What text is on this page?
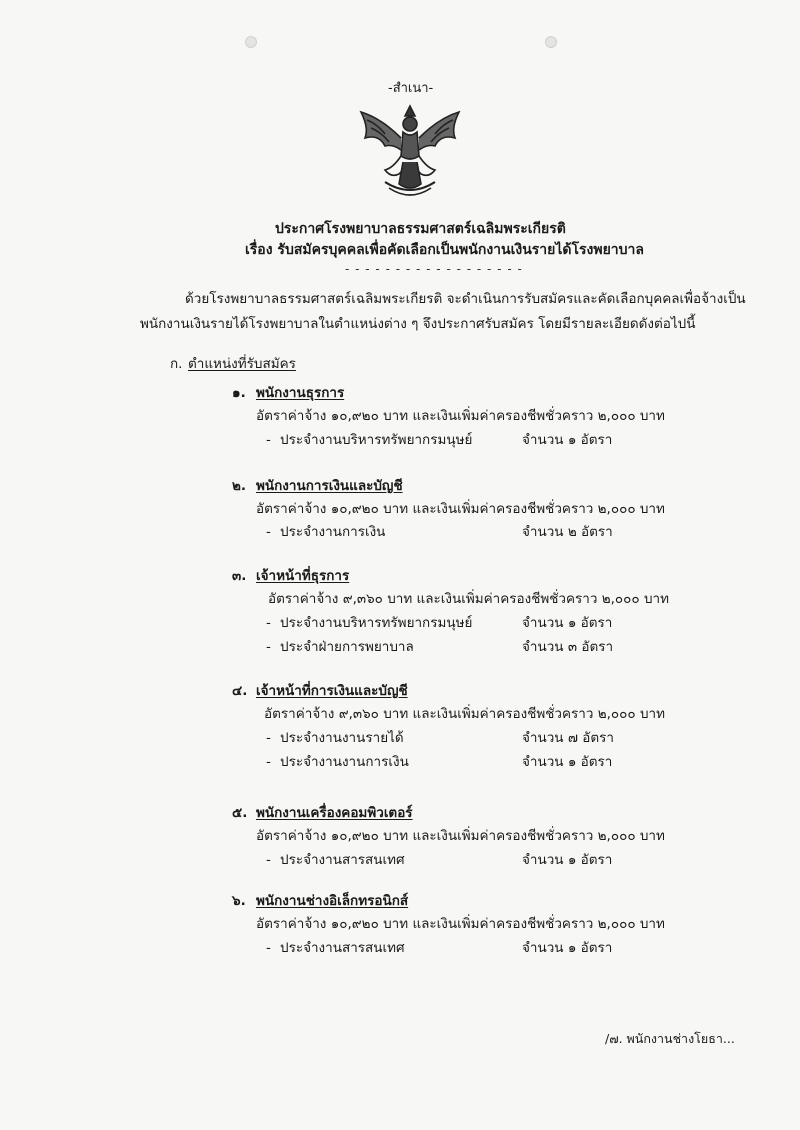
-สำเนา-
ประกาศโรงพยาบาลธรรมศาสตร์เฉลิมพระเกียรติ
เรื่อง รับสมัครบุคคลเพื่อคัดเลือกเป็นพนักงานเงินรายได้โรงพยาบาล
- - - - - - - - - - - - - - - - - -
ด้วยโรงพยาบาลธรรมศาสตร์เฉลิมพระเกียรติ จะดำเนินการรับสมัครและคัดเลือกบุคคลเพื่อจ้างเป็น
พนักงานเงินรายได้โรงพยาบาลในตำแหน่งต่าง ๆ จึงประกาศรับสมัคร โดยมีรายละเอียดดังต่อไปนี้
ก. ตำแหน่งที่รับสมัคร
๑. พนักงานธุรการ
อัตราค่าจ้าง ๑๐,๙๒๐ บาท และเงินเพิ่มค่าครองชีพชั่วคราว ๒,๐๐๐ บาท
- ประจำงานบริหารทรัพยากรมนุษย์	จำนวน ๑ อัตรา
๒. พนักงานการเงินและบัญชี
อัตราค่าจ้าง ๑๐,๙๒๐ บาท และเงินเพิ่มค่าครองชีพชั่วคราว ๒,๐๐๐ บาท
- ประจำงานการเงิน	จำนวน ๒ อัตรา
๓. เจ้าหน้าที่ธุรการ
อัตราค่าจ้าง ๙,๓๖๐ บาท และเงินเพิ่มค่าครองชีพชั่วคราว ๒,๐๐๐ บาท
- ประจำงานบริหารทรัพยากรมนุษย์	จำนวน ๑ อัตรา
- ประจำฝ่ายการพยาบาล	จำนวน ๓ อัตรา
๔. เจ้าหน้าที่การเงินและบัญชี
อัตราค่าจ้าง ๙,๓๖๐ บาท และเงินเพิ่มค่าครองชีพชั่วคราว ๒,๐๐๐ บาท
- ประจำงานงานรายได้	จำนวน ๗ อัตรา
- ประจำงานงานการเงิน	จำนวน ๑ อัตรา
๕. พนักงานเครื่องคอมพิวเตอร์
อัตราค่าจ้าง ๑๐,๙๒๐ บาท และเงินเพิ่มค่าครองชีพชั่วคราว ๒,๐๐๐ บาท
- ประจำงานสารสนเทศ	จำนวน ๑ อัตรา
๖. พนักงานช่างอิเล็กทรอนิกส์
อัตราค่าจ้าง ๑๐,๙๒๐ บาท และเงินเพิ่มค่าครองชีพชั่วคราว ๒,๐๐๐ บาท
- ประจำงานสารสนเทศ	จำนวน ๑ อัตรา
/๗. พนักงานช่างโยธา...
